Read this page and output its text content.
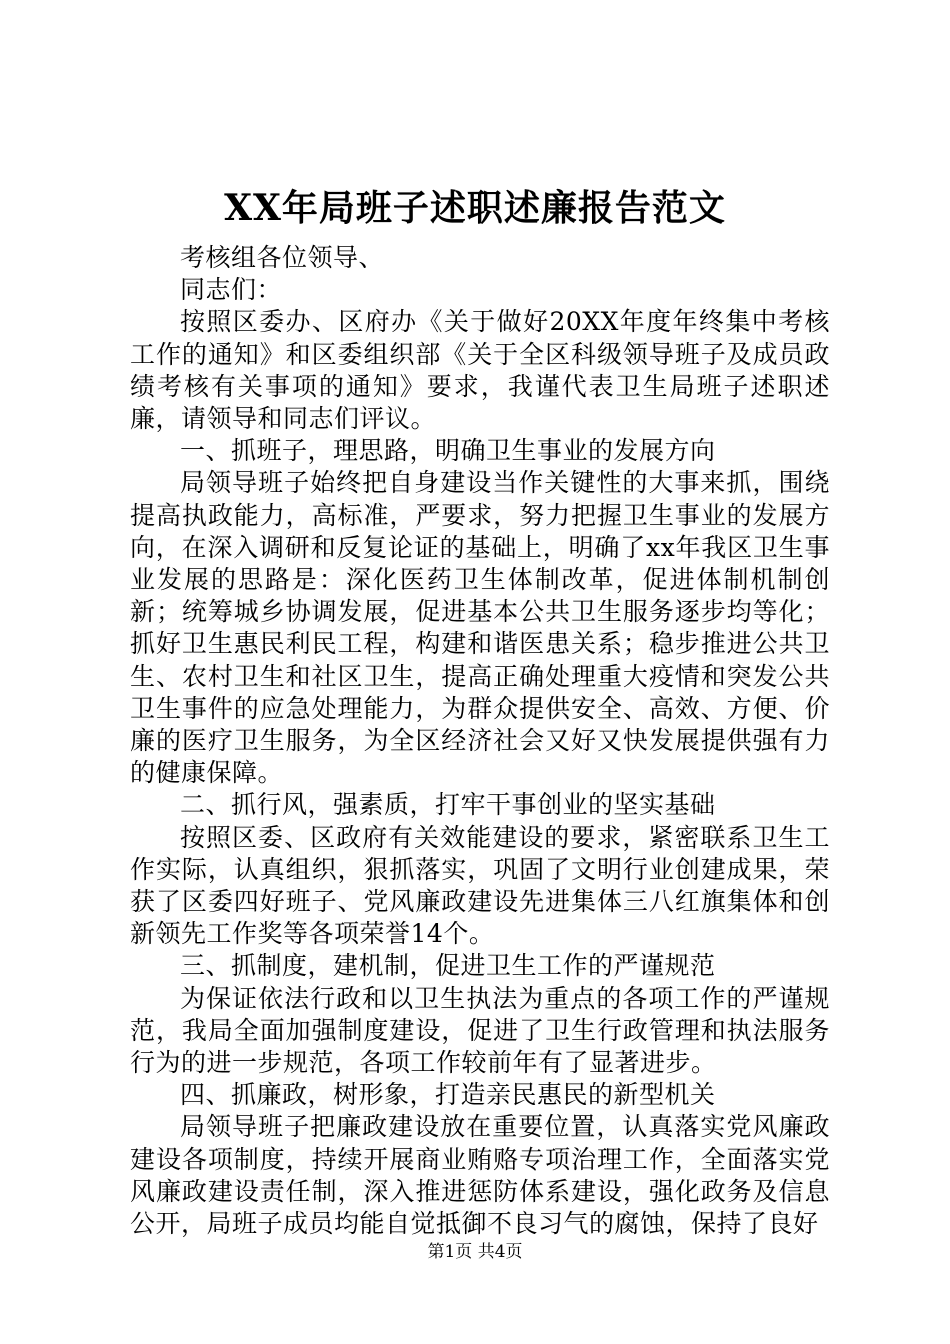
XX年局班子述职述廉报告范文

考核组各位领导、

同志们：

按照区委办、区府办《关于做好20XX年度年终集中考核工作的通知》和区委组织部《关于全区科级领导班子及成员政绩考核有关事项的通知》要求，我谨代表卫生局班子述职述廉，请领导和同志们评议。

一、抓班子，理思路，明确卫生事业的发展方向

局领导班子始终把自身建设当作关键性的大事来抓，围绕提高执政能力，高标准，严要求，努力把握卫生事业的发展方向，在深入调研和反复论证的基础上，明确了xx年我区卫生事业发展的思路是：深化医药卫生体制改革，促进体制机制创新；统筹城乡协调发展，促进基本公共卫生服务逐步均等化；抓好卫生惠民利民工程，构建和谐医患关系；稳步推进公共卫生、农村卫生和社区卫生，提高正确处理重大疫情和突发公共卫生事件的应急处理能力，为群众提供安全、高效、方便、价廉的医疗卫生服务，为全区经济社会又好又快发展提供强有力的健康保障。

二、抓行风，强素质，打牢干事创业的坚实基础

按照区委、区政府有关效能建设的要求，紧密联系卫生工作实际，认真组织，狠抓落实，巩固了文明行业创建成果，荣获了区委四好班子、党风廉政建设先进集体三八红旗集体和创新领先工作奖等各项荣誉14个。

三、抓制度，建机制，促进卫生工作的严谨规范

为保证依法行政和以卫生执法为重点的各项工作的严谨规范，我局全面加强制度建设，促进了卫生行政管理和执法服务行为的进一步规范，各项工作较前年有了显著进步。

四、抓廉政，树形象，打造亲民惠民的新型机关

局领导班子把廉政建设放在重要位置，认真落实党风廉政建设各项制度，持续开展商业贿赂专项治理工作，全面落实党风廉政建设责任制，深入推进惩防体系建设，强化政务及信息公开，局班子成员均能自觉抵御不良习气的腐蚀，保持了良好

第1页 共4页
